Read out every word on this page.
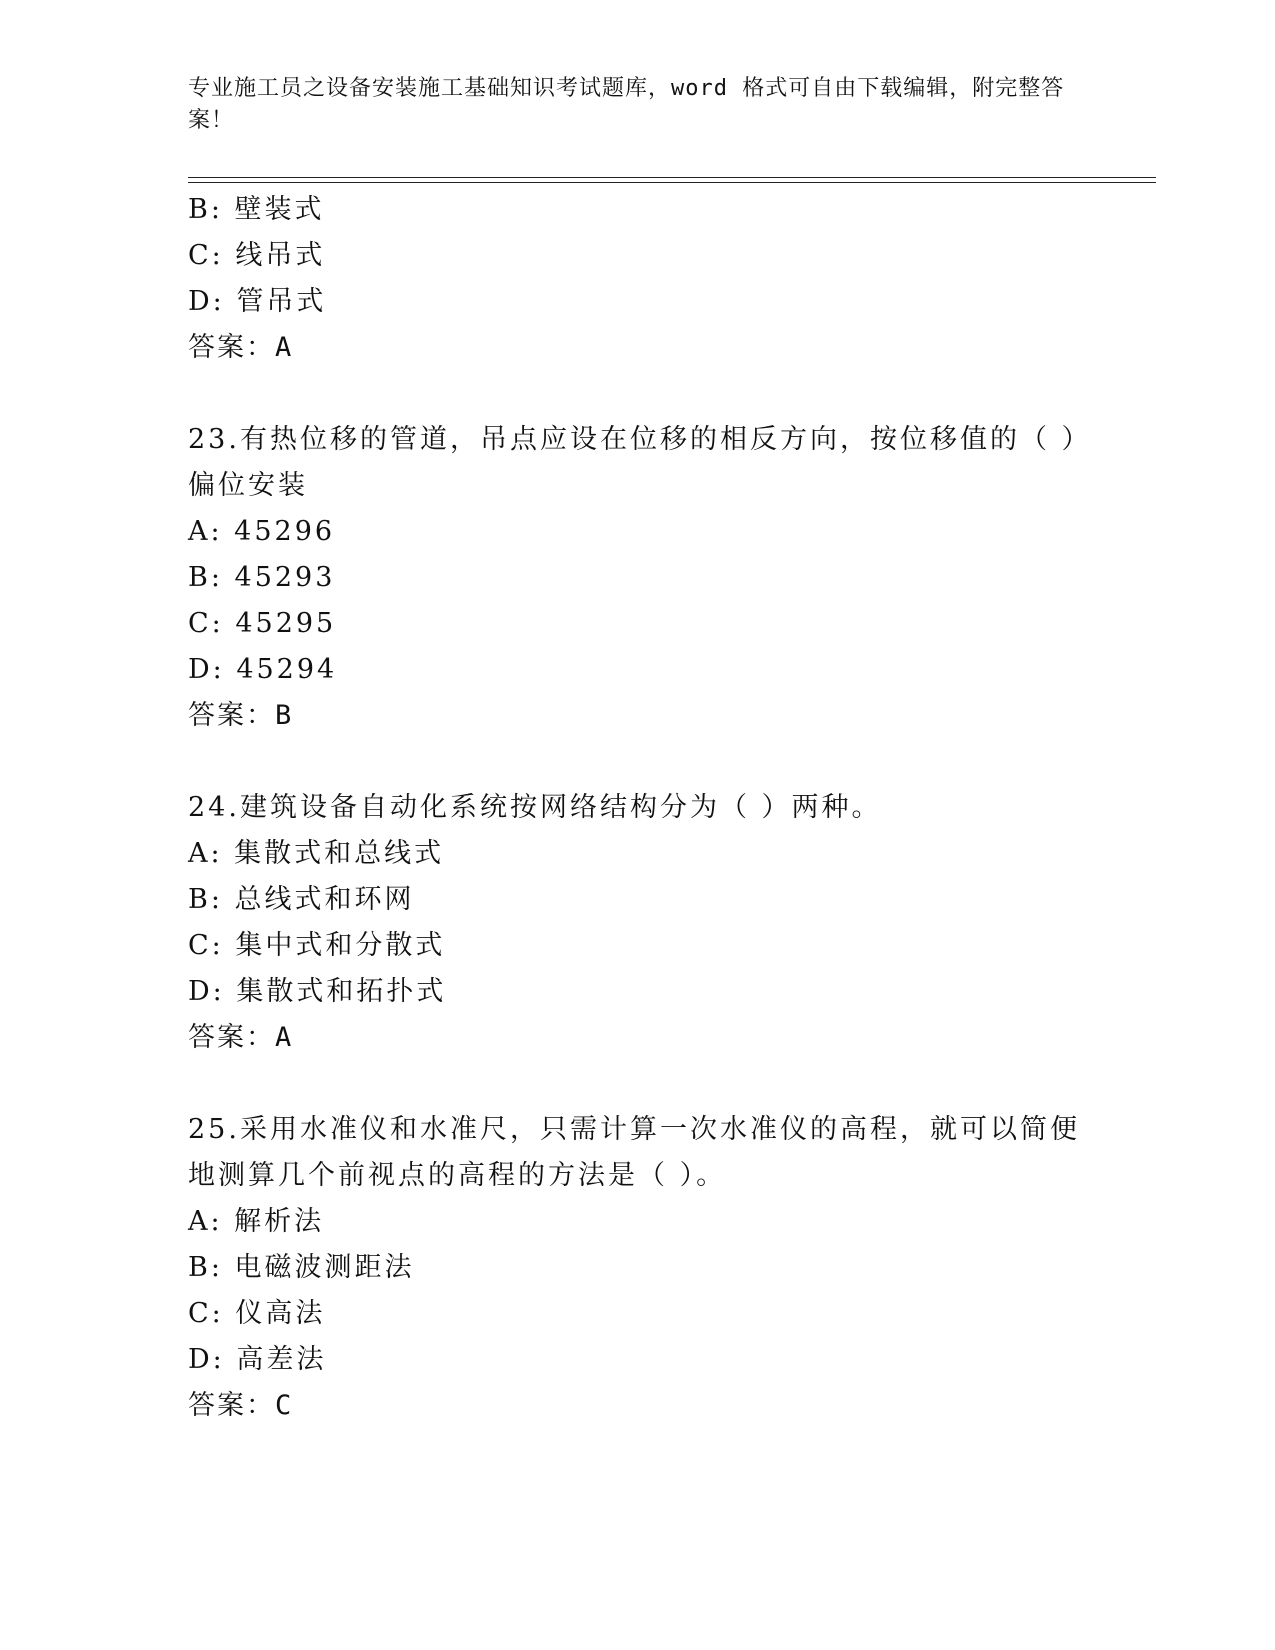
专业施工员之设备安装施工基础知识考试题库，word 格式可自由下载编辑，附完整答案！
B: 壁装式
C: 线吊式
D: 管吊式
答案：A
23.有热位移的管道，吊点应设在位移的相反方向，按位移值的（ ）偏位安装
A: 45296
B: 45293
C: 45295
D: 45294
答案：B
24.建筑设备自动化系统按网络结构分为（ ）两种。
A: 集散式和总线式
B: 总线式和环网
C: 集中式和分散式
D: 集散式和拓扑式
答案：A
25.采用水准仪和水准尺，只需计算一次水准仪的高程，就可以简便地测算几个前视点的高程的方法是（ ）。
A: 解析法
B: 电磁波测距法
C: 仪高法
D: 高差法
答案：C
